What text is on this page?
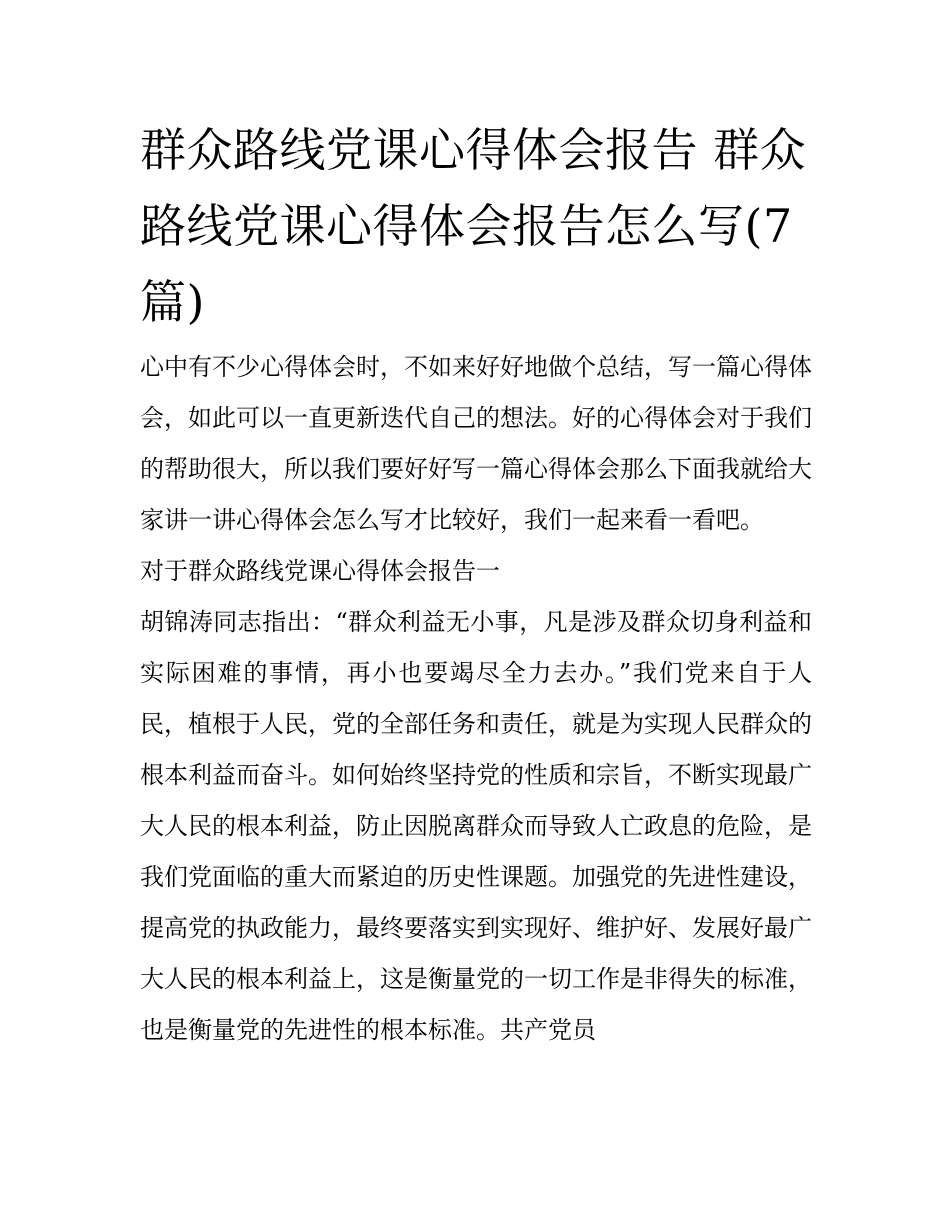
群众路线党课心得体会报告 群众路线党课心得体会报告怎么写(7篇)

心中有不少心得体会时，不如来好好地做个总结，写一篇心得体会，如此可以一直更新迭代自己的想法。好的心得体会对于我们的帮助很大，所以我们要好好写一篇心得体会那么下面我就给大家讲一讲心得体会怎么写才比较好，我们一起来看一看吧。

对于群众路线党课心得体会报告一

胡锦涛同志指出：“群众利益无小事，凡是涉及群众切身利益和实际困难的事情，再小也要竭尽全力去办。”我们党来自于人民，植根于人民，党的全部任务和责任，就是为实现人民群众的根本利益而奋斗。如何始终坚持党的性质和宗旨，不断实现最广大人民的根本利益，防止因脱离群众而导致人亡政息的危险，是我们党面临的重大而紧迫的历史性课题。加强党的先进性建设，提高党的执政能力，最终要落实到实现好、维护好、发展好最广大人民的根本利益上，这是衡量党的一切工作是非得失的标准，也是衡量党的先进性的根本标准。共产党员
